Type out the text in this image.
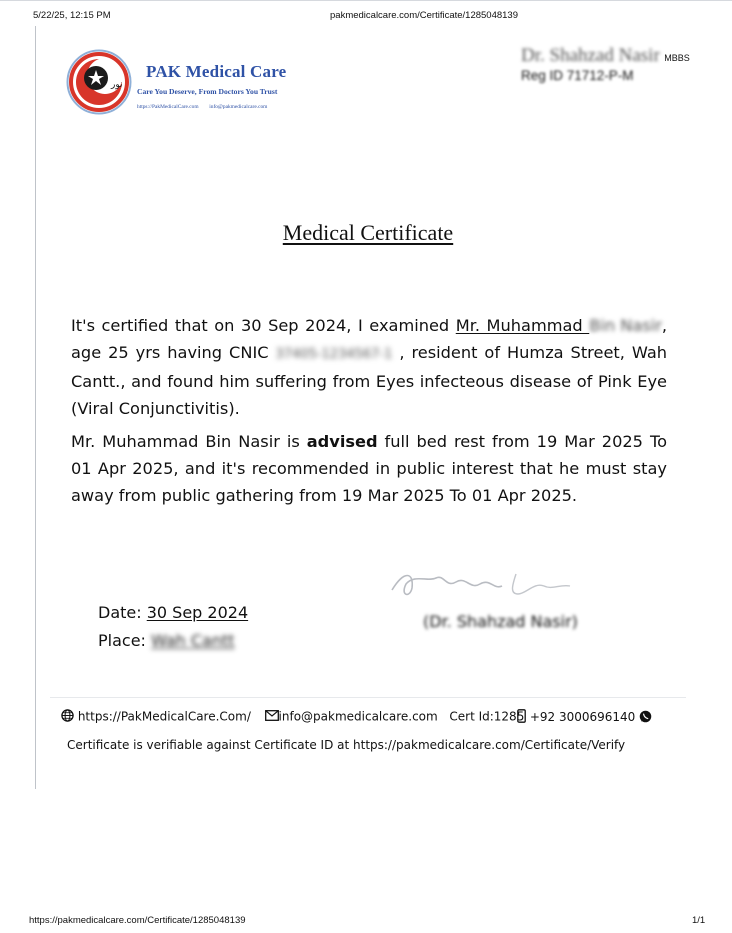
5/22/25, 12:15 PM	pakmedicalcare.com/Certificate/1285048139
ﻧﻮر
PAK Medical Care
Care You Deserve, From Doctors You Trust
https://PakMedicalCare.com info@pakmedicalcare.com
Dr. Shahzad Nasir MBBS
Reg ID 71712-P-M
Medical Certificate
It's certified that on 30 Sep 2024, I examined Mr. Muhammad Bin Nasir, age 25 yrs having CNIC 37405-1234567-1 , resident of Humza Street, Wah Cantt., and found him suffering from Eyes infecteous disease of Pink Eye (Viral Conjunctivitis).
Mr. Muhammad Bin Nasir is advised full bed rest from 19 Mar 2025 To 01 Apr 2025, and it's recommended in public interest that he must stay away from public gathering from 19 Mar 2025 To 01 Apr 2025.
Date: 30 Sep 2024
Place: Wah Cantt
(Dr. Shahzad Nasir)
https://PakMedicalCare.Com/ info@pakmedicalcare.com Cert Id:1285 +92 3000696140
Certificate is verifiable against Certificate ID at https://pakmedicalcare.com/Certificate/Verify
https://pakmedicalcare.com/Certificate/1285048139	1/1
